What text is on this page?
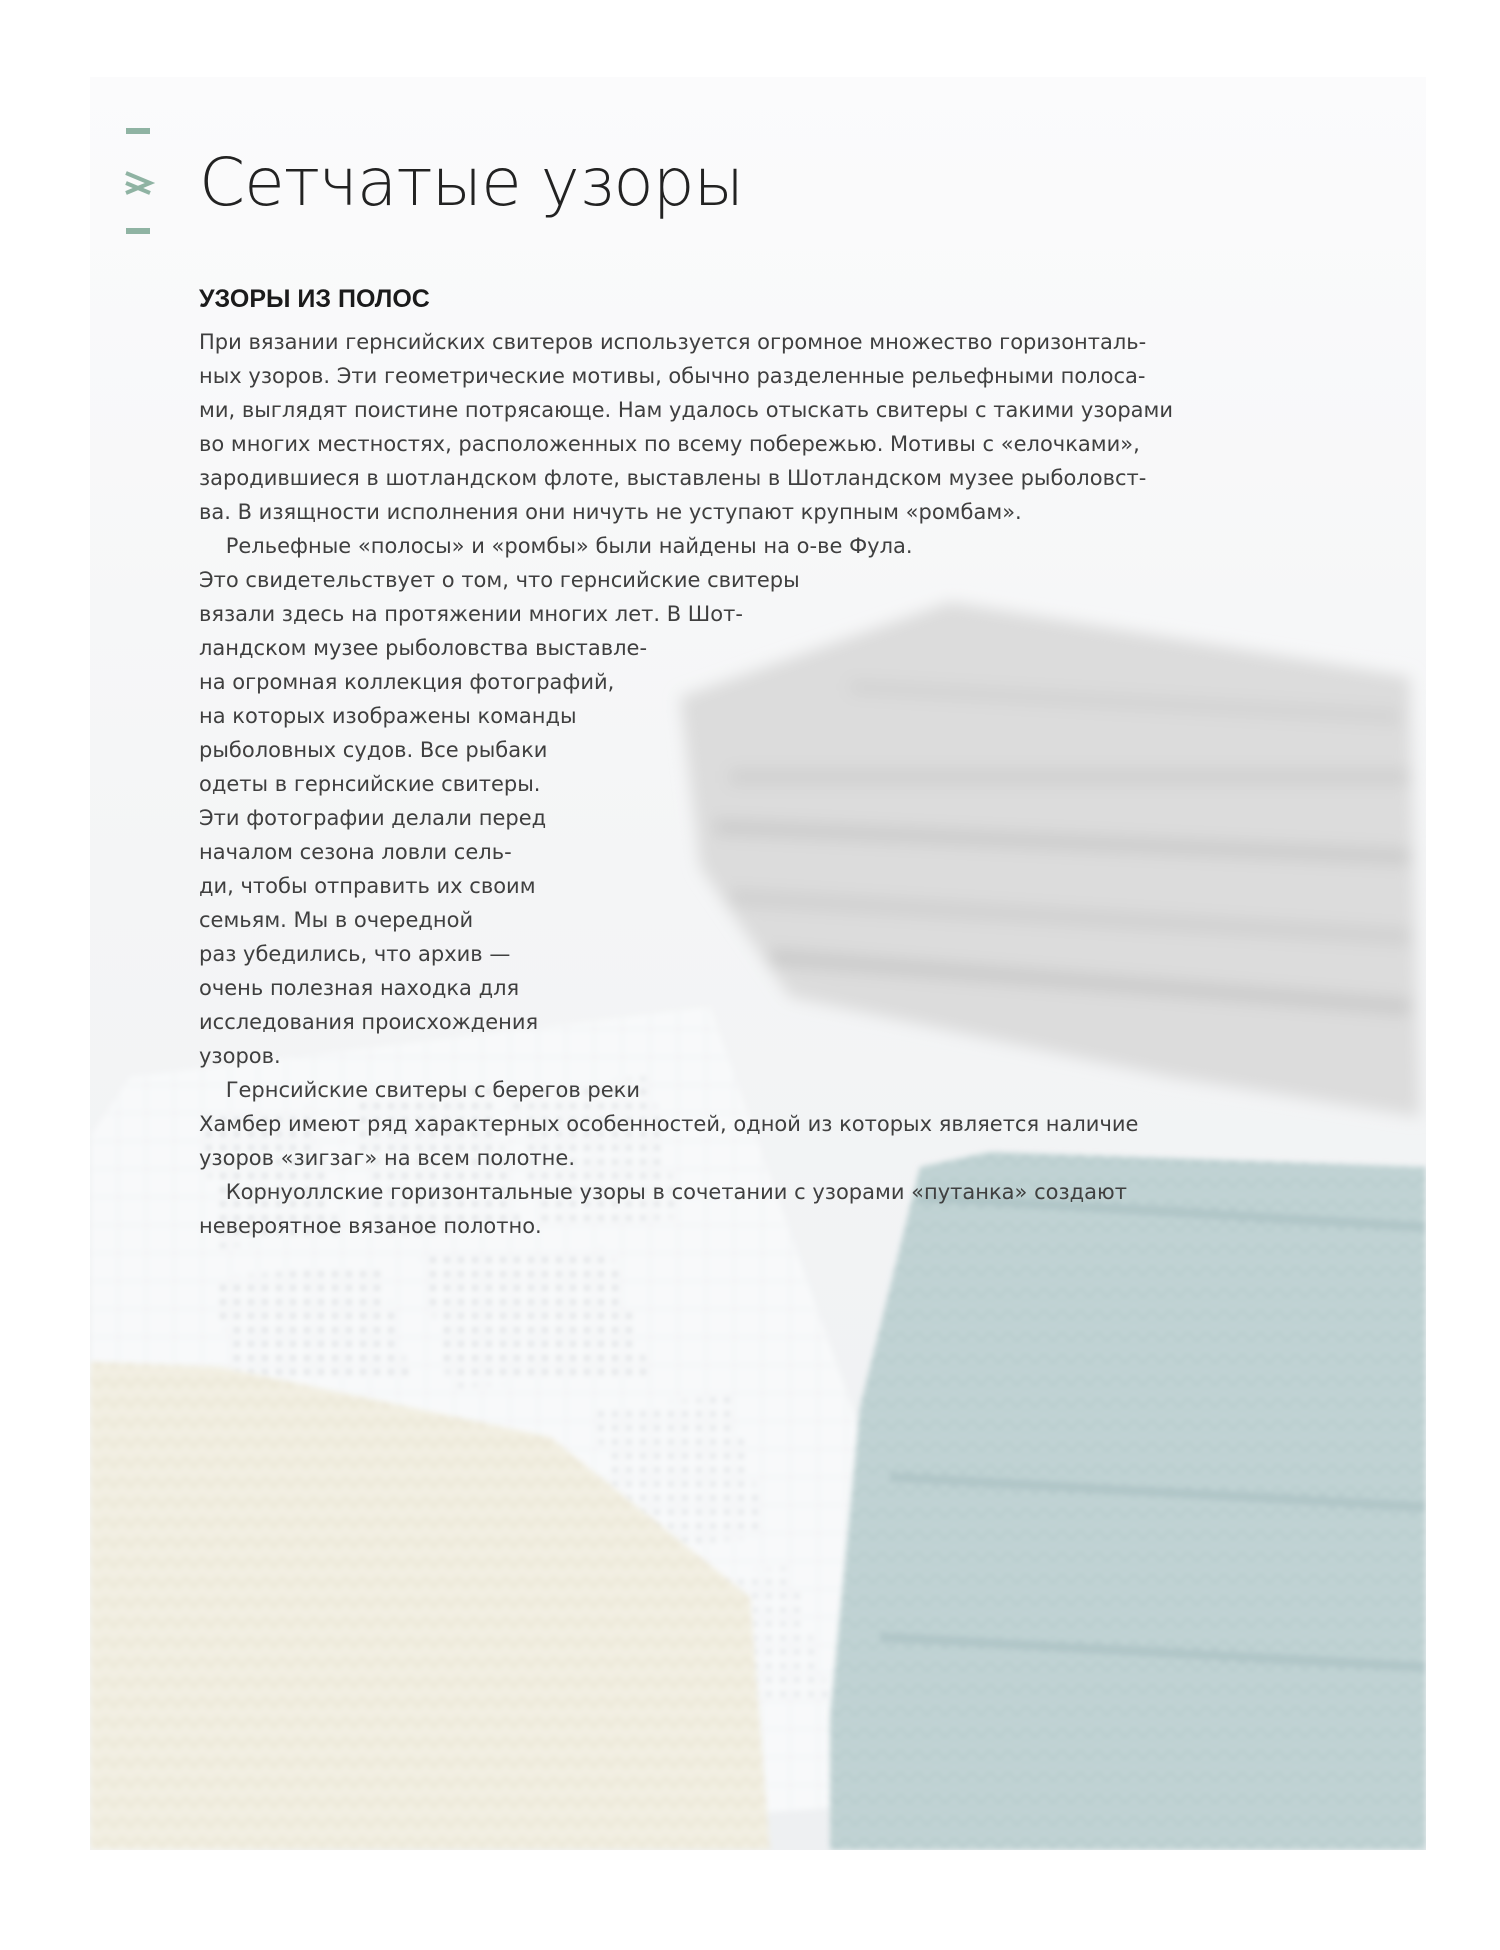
Сетчатые узоры
УЗОРЫ ИЗ ПОЛОС
При вязании гернсийских свитеров используется огромное множество горизонталь-
ных узоров. Эти геометрические мотивы, обычно разделенные рельефными полоса-
ми, выглядят поистине потрясающе. Нам удалось отыскать свитеры с такими узорами
во многих местностях, расположенных по всему побережью. Мотивы с «елочками»,
зародившиеся в шотландском флоте, выставлены в Шотландском музее рыболовст-
ва. В изящности исполнения они ничуть не уступают крупным «ромбам».
Рельефные «полосы» и «ромбы» были найдены на о-ве Фула.
Это свидетельствует о том, что гернсийские свитеры
вязали здесь на протяжении многих лет. В Шот-
ландском музее рыболовства выставле-
на огромная коллекция фотографий,
на которых изображены команды
рыболовных судов. Все рыбаки
одеты в гернсийские свитеры.
Эти фотографии делали перед
началом сезона ловли сель-
ди, чтобы отправить их своим
семьям. Мы в очередной
раз убедились, что архив —
очень полезная находка для
исследования происхождения
узоров.
Гернсийские свитеры с берегов реки
Хамбер имеют ряд характерных особенностей, одной из которых является наличие
узоров «зигзаг» на всем полотне.
Корнуоллские горизонтальные узоры в сочетании с узорами «путанка» создают
невероятное вязаное полотно.
